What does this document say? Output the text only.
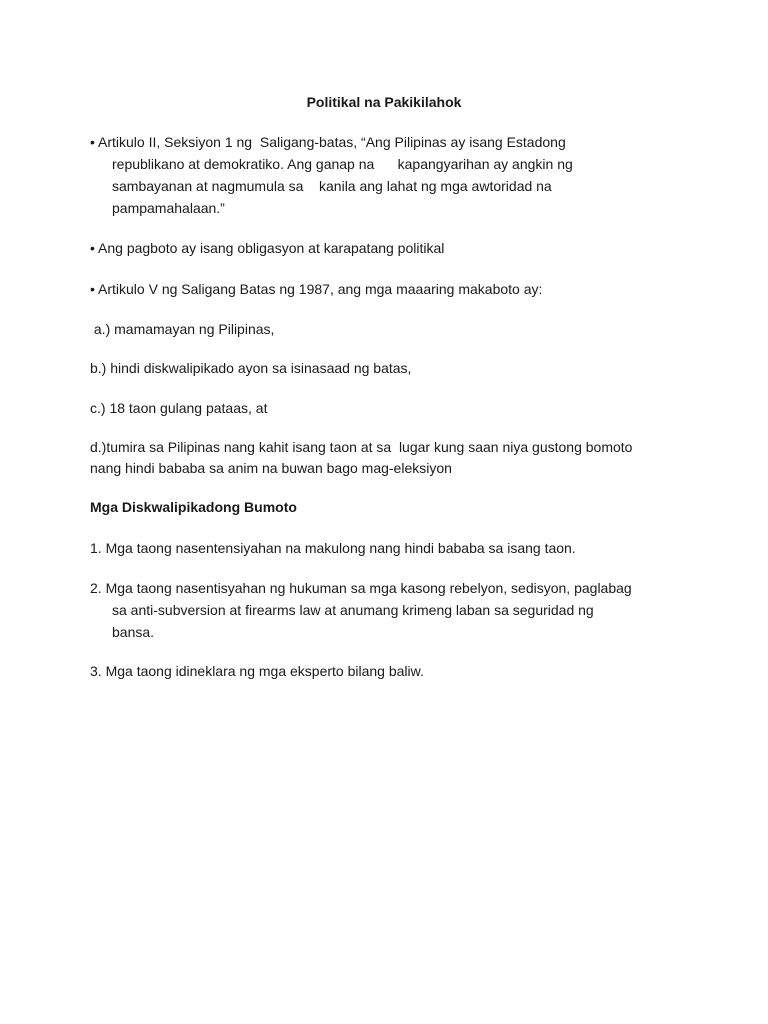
Politikal na Pakikilahok
• Artikulo II, Seksiyon 1 ng  Saligang-batas, “Ang Pilipinas ay isang Estadong
republikano at demokratiko. Ang ganap na      kapangyarihan ay angkin ng
sambayanan at nagmumula sa    kanila ang lahat ng mga awtoridad na
pampamahalaan.”
• Ang pagboto ay isang obligasyon at karapatang politikal
• Artikulo V ng Saligang Batas ng 1987, ang mga maaaring makaboto ay:
a.) mamamayan ng Pilipinas,
b.) hindi diskwalipikado ayon sa isinasaad ng batas,
c.) 18 taon gulang pataas, at
d.)tumira sa Pilipinas nang kahit isang taon at sa  lugar kung saan niya gustong bomoto
nang hindi bababa sa anim na buwan bago mag-eleksiyon
Mga Diskwalipikadong Bumoto
1. Mga taong nasentensiyahan na makulong nang hindi bababa sa isang taon.
2. Mga taong nasentisyahan ng hukuman sa mga kasong rebelyon, sedisyon, paglabag
sa anti-subversion at firearms law at anumang krimeng laban sa seguridad ng
bansa.
3. Mga taong idineklara ng mga eksperto bilang baliw.
